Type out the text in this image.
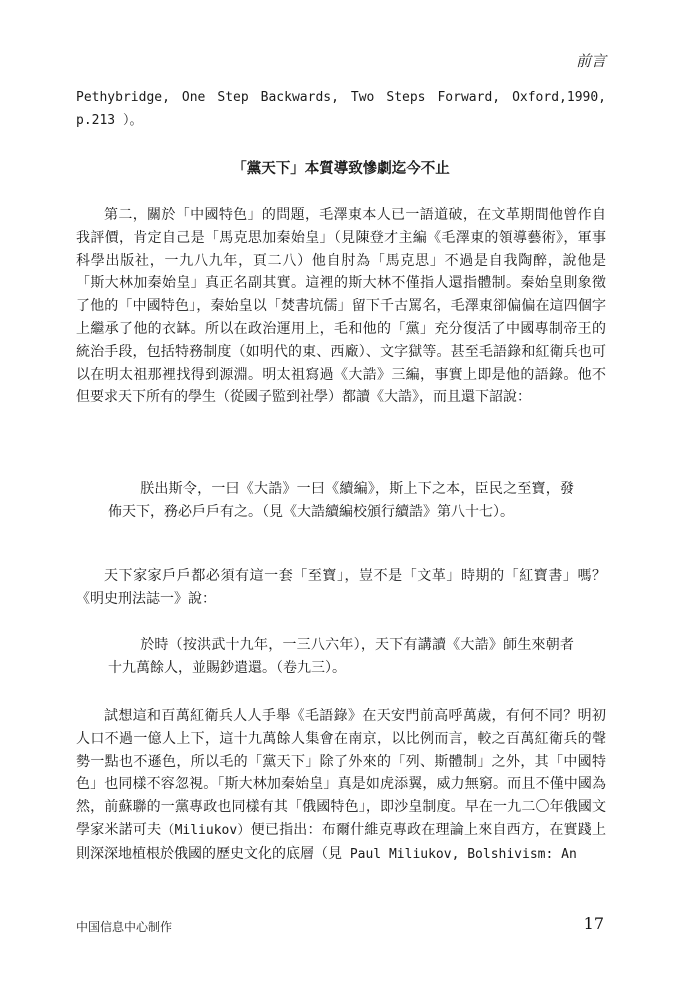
前言
Pethybridge, One Step Backwards, Two Steps Forward, Oxford,1990,
p.213 ）。
「黨天下」本質導致慘劇迄今不止

第二，關於「中國特色」的問題，毛澤東本人已一語道破，在文革期間他曾作自我評價，肯定自己是「馬克思加秦始皇」（見陳登才主編《毛澤東的領導藝術》，軍事科學出版社，一九八九年，頁二八）他自肘為「馬克思」不過是自我陶醉，說他是「斯大林加秦始皇」真正名副其實。這裡的斯大林不僅指人還指體制。秦始皇則象徵了他的「中國特色」，秦始皇以「焚書坑儒」留下千古罵名，毛澤東卻偏偏在這四個字上繼承了他的衣缽。所以在政治運用上，毛和他的「黨」充分復活了中國專制帝王的統治手段，包括特務制度（如明代的東、西廠）、文字獄等。甚至毛語錄和紅衛兵也可以在明太祖那裡找得到源淵。明太祖寫過《大誥》三編，事實上即是他的語錄。他不但要求天下所有的學生（從國子監到社學）都讀《大誥》，而且還下詔說：

朕出斯令，一曰《大誥》一曰《續編》，斯上下之本，臣民之至寶，發佈天下，務必戶戶有之。（見《大誥續編校頒行續誥》第八十七）。

天下家家戶戶都必須有這一套「至寶」，豈不是「文革」時期的「紅寶書」嗎？《明史刑法誌一》說：

於時（按洪武十九年，一三八六年），天下有講讀《大誥》師生來朝者十九萬餘人，並賜鈔遣還。（卷九三）。

試想這和百萬紅衛兵人人手舉《毛語錄》在天安門前高呼萬歲，有何不同？明初人口不過一億人上下，這十九萬餘人集會在南京，以比例而言，較之百萬紅衛兵的聲勢一點也不遜色，所以毛的「黨天下」除了外來的「列、斯體制」之外，其「中國特色」也同樣不容忽視。「斯大林加秦始皇」真是如虎添翼，威力無窮。而且不僅中國為然，前蘇聯的一黨專政也同樣有其「俄國特色」，即沙皇制度。早在一九二〇年俄國文學家米諾可夫（Miliukov）便已指出：布爾什維克專政在理論上來自西方，在實踐上則深深地植根於俄國的歷史文化的底層（見 Paul Miliukov, Bolshivism: An

中国信息中心制作	17
